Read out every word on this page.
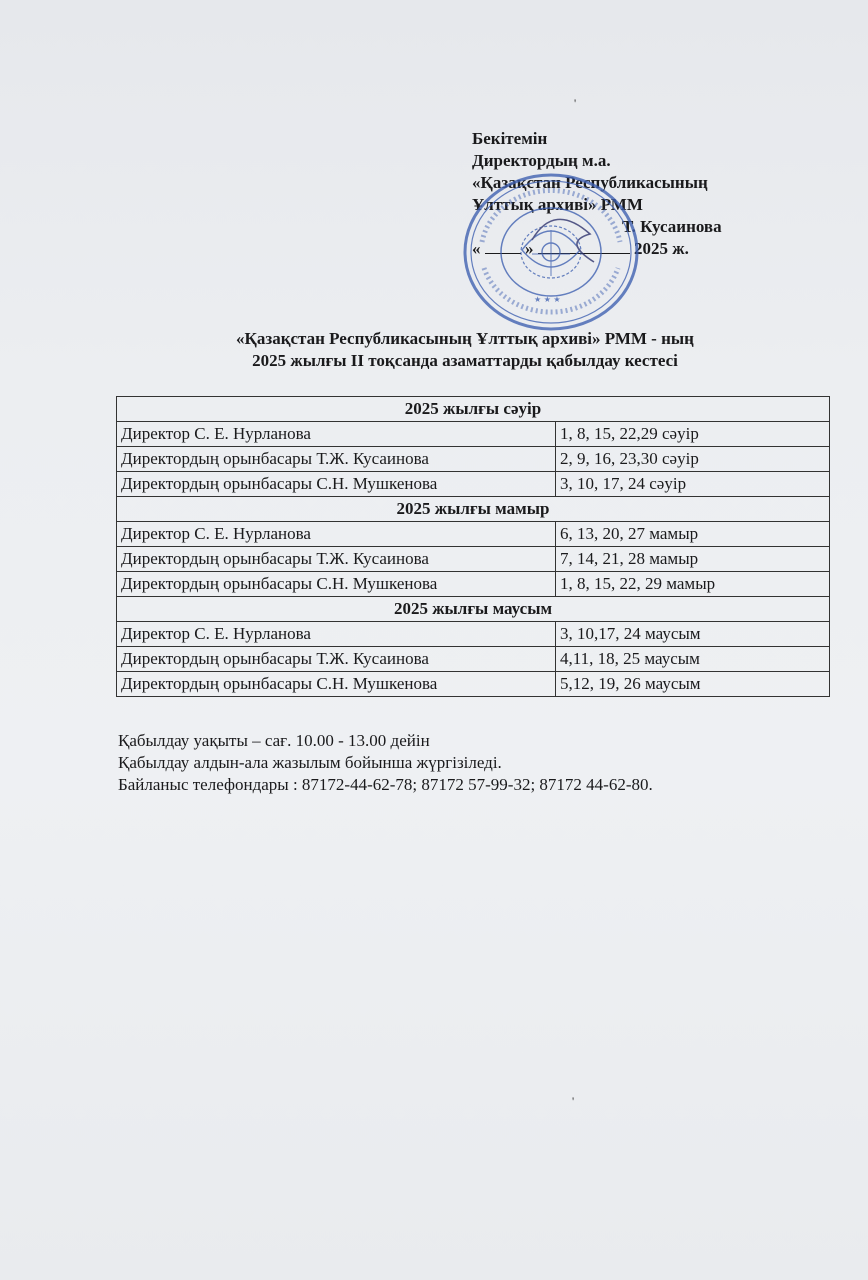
'
Бекітемін
Директордың м.а.
«Қазақстан Республикасының
Ұлттық архиві» РММ
Т. Кусаинова
«	»	2025 ж.
★ ★ ★
«Қазақстан Республикасының Ұлттық архиві» РММ - ның
2025 жылғы II тоқсанда азаматтарды қабылдау кестесі
2025 жылғы сәуір	
Директор С. Е. Нурланова	1, 8, 15, 22,29 сәуір
Директордың орынбасары Т.Ж. Кусаинова	2, 9, 16, 23,30 сәуір
Директордың орынбасары С.Н. Мушкенова	3, 10, 17, 24 сәуір
2025 жылғы мамыр	
Директор С. Е. Нурланова	6, 13, 20, 27 мамыр
Директордың орынбасары Т.Ж. Кусаинова	7, 14, 21, 28 мамыр
Директордың орынбасары С.Н. Мушкенова	1, 8, 15, 22, 29 мамыр
2025 жылғы маусым	
Директор С. Е. Нурланова	3, 10,17, 24 маусым
Директордың орынбасары Т.Ж. Кусаинова	4,11, 18, 25 маусым
Директордың орынбасары С.Н. Мушкенова	5,12, 19, 26 маусым
Қабылдау уақыты – сағ. 10.00 - 13.00 дейін
Қабылдау алдын-ала жазылым бойынша жүргізіледі.
Байланыс телефондары : 87172-44-62-78; 87172 57-99-32; 87172 44-62-80.
'
